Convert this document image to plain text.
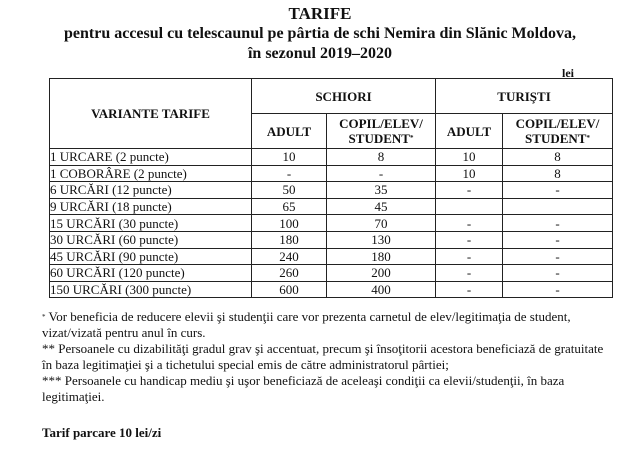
TARIFE
pentru accesul cu telescaunul pe pârtia de schi Nemira din Slănic Moldova,
în sezonul 2019–2020
lei
VARIANTE TARIFE	SCHIORI		TURIŞTI	
	ADULT	COPIL/ELEV/ STUDENT*	ADULT	COPIL/ELEV/ STUDENT*
1 URCARE (2 puncte)	10	8	10	8
1 COBORÂRE (2 puncte)	-	-	10	8
6 URCĂRI (12 puncte)	50	35	-	-
9 URCĂRI (18 puncte)	65	45		
15 URCĂRI (30 puncte)	100	70	-	-
30 URCĂRI (60 puncte)	180	130	-	-
45 URCĂRI (90 puncte)	240	180	-	-
60 URCĂRI (120 puncte)	260	200	-	-
150 URCĂRI (300 puncte)	600	400	-	-

* Vor beneficia de reducere elevii şi studenţii care vor prezenta carnetul de elev/legitimaţia de student, vizat/vizată pentru anul în curs.

** Persoanele cu dizabilităţi gradul grav şi accentuat, precum şi însoţitorii acestora beneficiază de gratuitate în baza legitimaţiei şi a tichetului special emis de către administratorul pârtiei;

*** Persoanele cu handicap mediu şi uşor beneficiază de aceleaşi condiţii ca elevii/studenţii, în baza legitimaţiei.

Tarif parcare 10 lei/zi
